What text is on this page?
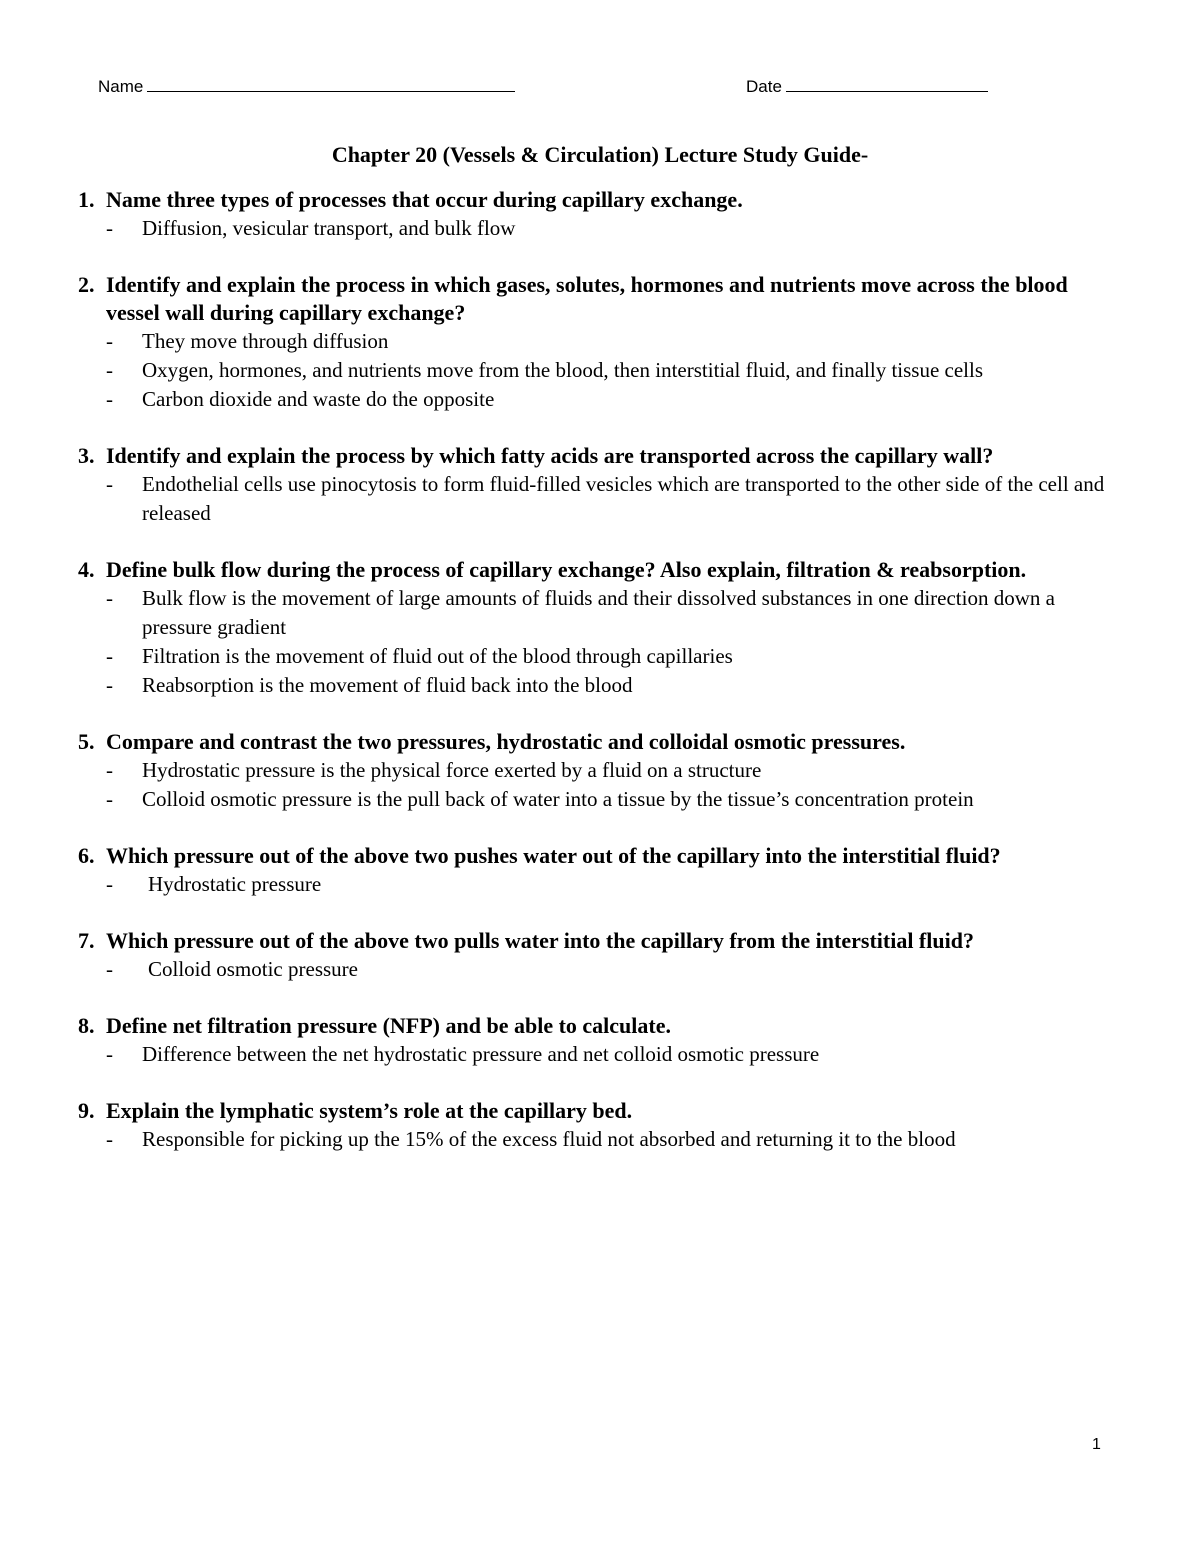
Name	Date
Chapter 20 (Vessels & Circulation) Lecture Study Guide-
1. Name three types of processes that occur during capillary exchange.
- Diffusion, vesicular transport, and bulk flow
2. Identify and explain the process in which gases, solutes, hormones and nutrients move across the blood vessel wall during capillary exchange?
- They move through diffusion
- Oxygen, hormones, and nutrients move from the blood, then interstitial fluid, and finally tissue cells
- Carbon dioxide and waste do the opposite
3. Identify and explain the process by which fatty acids are transported across the capillary wall?
- Endothelial cells use pinocytosis to form fluid-filled vesicles which are transported to the other side of the cell and released
4. Define bulk flow during the process of capillary exchange? Also explain, filtration & reabsorption.
- Bulk flow is the movement of large amounts of fluids and their dissolved substances in one direction down a pressure gradient
- Filtration is the movement of fluid out of the blood through capillaries
- Reabsorption is the movement of fluid back into the blood
5. Compare and contrast the two pressures, hydrostatic and colloidal osmotic pressures.
- Hydrostatic pressure is the physical force exerted by a fluid on a structure
- Colloid osmotic pressure is the pull back of water into a tissue by the tissue’s concentration protein
6. Which pressure out of the above two pushes water out of the capillary into the interstitial fluid?
- Hydrostatic pressure
7. Which pressure out of the above two pulls water into the capillary from the interstitial fluid?
- Colloid osmotic pressure
8. Define net filtration pressure (NFP) and be able to calculate.
- Difference between the net hydrostatic pressure and net colloid osmotic pressure
9. Explain the lymphatic system’s role at the capillary bed.
- Responsible for picking up the 15% of the excess fluid not absorbed and returning it to the blood
1
